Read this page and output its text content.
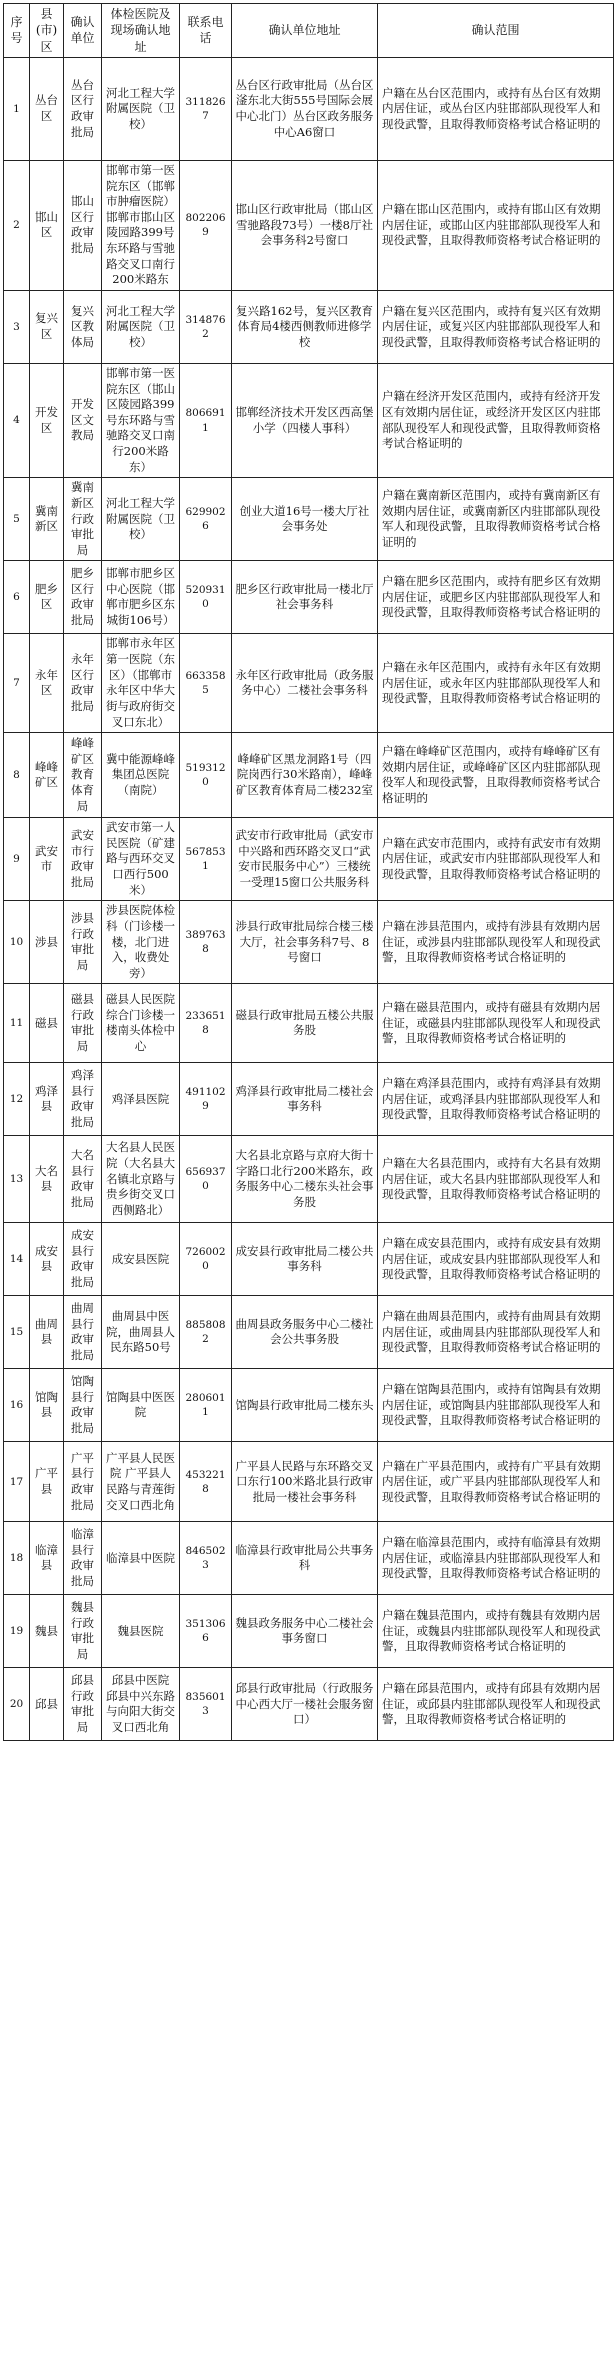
序号	县(市)区	确认单位	体检医院及现场确认地址	联系电话	确认单位地址	确认范围
1	丛台区	丛台区行政审批局	河北工程大学附属医院（卫校）	3118267	丛台区行政审批局（丛台区滏东北大街555号国际会展中心北门）丛台区政务服务中心A6窗口	户籍在丛台区范围内，或持有丛台区有效期内居住证，或丛台区内驻邯部队现役军人和现役武警，且取得教师资格考试合格证明的
2	邯山区	邯山区行政审批局	邯郸市第一医院东区（邯郸市肿瘤医院）邯郸市邯山区陵园路399号东环路与雪驰路交叉口南行200米路东	8022069	邯山区行政审批局（邯山区雪驰路段73号）一楼8厅社会事务科2号窗口	户籍在邯山区范围内，或持有邯山区有效期内居住证，或邯山区内驻邯部队现役军人和现役武警，且取得教师资格考试合格证明的
3	复兴区	复兴区教体局	河北工程大学附属医院（卫校）	3148762	复兴路162号，复兴区教育体育局4楼西侧教师进修学校	户籍在复兴区范围内，或持有复兴区有效期内居住证，或复兴区内驻邯部队现役军人和现役武警，且取得教师资格考试合格证明的
4	开发区	开发区文教局	邯郸市第一医院东区（邯山区陵园路399号东环路与雪驰路交叉口南行200米路东）	8066911	邯郸经济技术开发区西高堡小学（四楼人事科）	户籍在经济开发区范围内，或持有经济开发区有效期内居住证，或经济开发区区内驻邯部队现役军人和现役武警，且取得教师资格考试合格证明的
5	冀南新区	冀南新区行政审批局	河北工程大学附属医院（卫校）	6299026	创业大道16号一楼大厅社会事务处	户籍在冀南新区范围内，或持有冀南新区有效期内居住证，或冀南新区内驻邯部队现役军人和现役武警，且取得教师资格考试合格证明的
6	肥乡区	肥乡区行政审批局	邯郸市肥乡区中心医院（邯郸市肥乡区东城街106号）	5209310	肥乡区行政审批局一楼北厅社会事务科	户籍在肥乡区范围内，或持有肥乡区有效期内居住证，或肥乡区内驻邯部队现役军人和现役武警，且取得教师资格考试合格证明的
7	永年区	永年区行政审批局	邯郸市永年区第一医院（东区）（邯郸市永年区中华大街与政府街交叉口东北）	6633585	永年区行政审批局（政务服务中心）二楼社会事务科	户籍在永年区范围内，或持有永年区有效期内居住证，或永年区内驻邯部队现役军人和现役武警，且取得教师资格考试合格证明的
8	峰峰矿区	峰峰矿区教育体育局	冀中能源峰峰集团总医院（南院）	5193120	峰峰矿区黑龙洞路1号（四院岗西行30米路南），峰峰矿区教育体育局二楼232室	户籍在峰峰矿区范围内，或持有峰峰矿区有效期内居住证，或峰峰矿区区内驻邯部队现役军人和现役武警，且取得教师资格考试合格证明的
9	武安市	武安市行政审批局	武安市第一人民医院（矿建路与西环交叉口西行500米）	5678531	武安市行政审批局（武安市中兴路和西环路交叉口“武安市民服务中心”）三楼统一受理15窗口公共服务科	户籍在武安市范围内，或持有武安市有效期内居住证，或武安市内驻邯部队现役军人和现役武警，且取得教师资格考试合格证明的
10	涉县	涉县行政审批局	涉县医院体检科（门诊楼一楼，北门进入，收费处旁）	3897638	涉县行政审批局综合楼三楼大厅，社会事务科7号、8号窗口	户籍在涉县范围内，或持有涉县有效期内居住证，或涉县内驻邯部队现役军人和现役武警，且取得教师资格考试合格证明的
11	磁县	磁县行政审批局	磁县人民医院综合门诊楼一楼南头体检中心	2336518	磁县行政审批局五楼公共服务股	户籍在磁县范围内，或持有磁县有效期内居住证，或磁县内驻邯部队现役军人和现役武警，且取得教师资格考试合格证明的
12	鸡泽县	鸡泽县行政审批局	鸡泽县医院	4911029	鸡泽县行政审批局二楼社会事务科	户籍在鸡泽县范围内，或持有鸡泽县有效期内居住证，或鸡泽县内驻邯部队现役军人和现役武警，且取得教师资格考试合格证明的
13	大名县	大名县行政审批局	大名县人民医院（大名县大名镇北京路与贵乡街交叉口西侧路北）	6569370	大名县北京路与京府大街十字路口北行200米路东，政务服务中心二楼东头社会事务股	户籍在大名县范围内，或持有大名县有效期内居住证，或大名县内驻邯部队现役军人和现役武警，且取得教师资格考试合格证明的
14	成安县	成安县行政审批局	成安县医院	7260020	成安县行政审批局二楼公共事务科	户籍在成安县范围内，或持有成安县有效期内居住证，或成安县内驻邯部队现役军人和现役武警，且取得教师资格考试合格证明的
15	曲周县	曲周县行政审批局	曲周县中医院，曲周县人民东路50号	8858082	曲周县政务服务中心二楼社会公共事务股	户籍在曲周县范围内，或持有曲周县有效期内居住证，或曲周县内驻邯部队现役军人和现役武警，且取得教师资格考试合格证明的
16	馆陶县	馆陶县行政审批局	馆陶县中医医院	2806011	馆陶县行政审批局二楼东头	户籍在馆陶县范围内，或持有馆陶县有效期内居住证，或馆陶县内驻邯部队现役军人和现役武警，且取得教师资格考试合格证明的
17	广平县	广平县行政审批局	广平县人民医院 广平县人民路与青莲街交叉口西北角	4532218	广平县人民路与东环路交叉口东行100米路北县行政审批局一楼社会事务科	户籍在广平县范围内，或持有广平县有效期内居住证，或广平县内驻邯部队现役军人和现役武警，且取得教师资格考试合格证明的
18	临漳县	临漳县行政审批局	临漳县中医院	8465023	临漳县行政审批局公共事务科	户籍在临漳县范围内，或持有临漳县有效期内居住证，或临漳县内驻邯部队现役军人和现役武警，且取得教师资格考试合格证明的
19	魏县	魏县行政审批局	魏县医院	3513066	魏县政务服务中心二楼社会事务窗口	户籍在魏县范围内，或持有魏县有效期内居住证，或魏县内驻邯部队现役军人和现役武警，且取得教师资格考试合格证明的
20	邱县	邱县行政审批局	邱县中医院 邱县中兴东路与向阳大街交叉口西北角	8356013	邱县行政审批局（行政服务中心西大厅一楼社会服务窗口）	户籍在邱县范围内，或持有邱县有效期内居住证，或邱县内驻邯部队现役军人和现役武警，且取得教师资格考试合格证明的
